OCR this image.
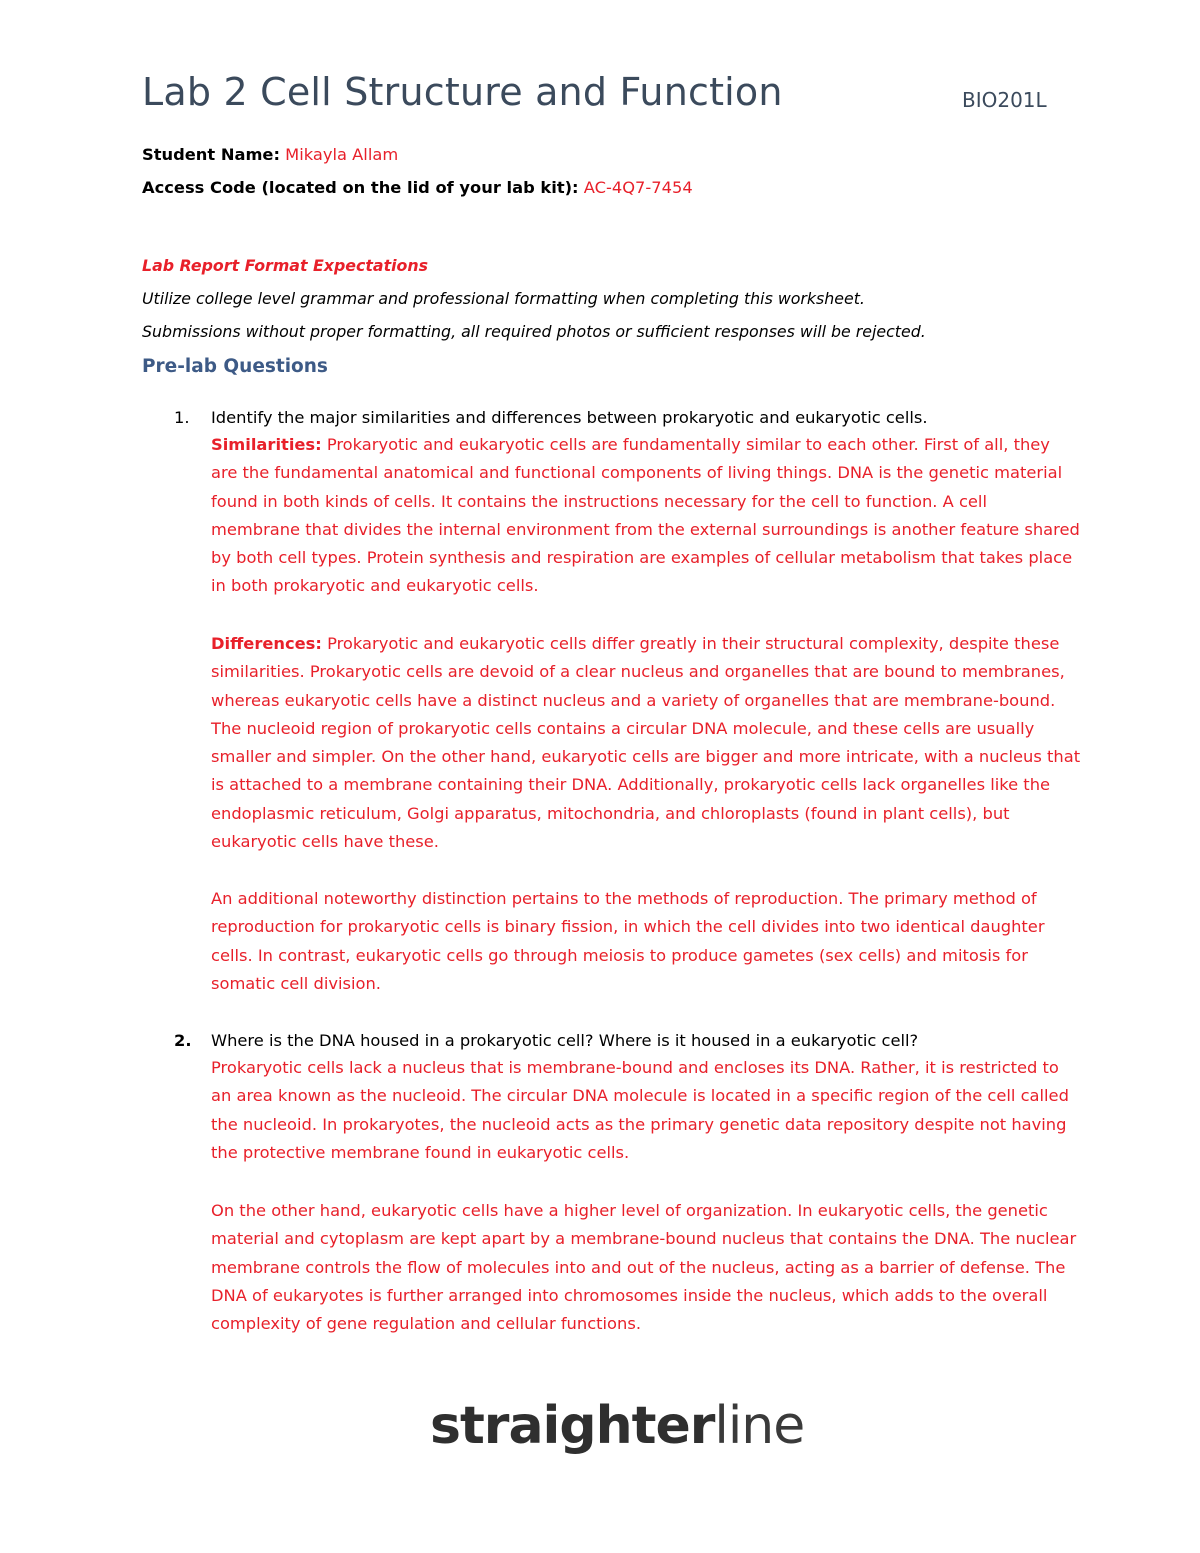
Lab 2 Cell Structure and Function	BIO201L
Student Name: Mikayla Allam
Access Code (located on the lid of your lab kit): AC-4Q7-7454
Lab Report Format Expectations
Utilize college level grammar and professional formatting when completing this worksheet.
Submissions without proper formatting, all required photos or sufficient responses will be rejected.
Pre-lab Questions
1. Identify the major similarities and differences between prokaryotic and eukaryotic cells.

Similarities: Prokaryotic and eukaryotic cells are fundamentally similar to each other. First of all, they are the fundamental anatomical and functional components of living things. DNA is the genetic material found in both kinds of cells. It contains the instructions necessary for the cell to function. A cell membrane that divides the internal environment from the external surroundings is another feature shared by both cell types. Protein synthesis and respiration are examples of cellular metabolism that takes place in both prokaryotic and eukaryotic cells.

Differences: Prokaryotic and eukaryotic cells differ greatly in their structural complexity, despite these similarities. Prokaryotic cells are devoid of a clear nucleus and organelles that are bound to membranes, whereas eukaryotic cells have a distinct nucleus and a variety of organelles that are membrane-bound. The nucleoid region of prokaryotic cells contains a circular DNA molecule, and these cells are usually smaller and simpler. On the other hand, eukaryotic cells are bigger and more intricate, with a nucleus that is attached to a membrane containing their DNA. Additionally, prokaryotic cells lack organelles like the endoplasmic reticulum, Golgi apparatus, mitochondria, and chloroplasts (found in plant cells), but eukaryotic cells have these.

An additional noteworthy distinction pertains to the methods of reproduction. The primary method of reproduction for prokaryotic cells is binary fission, in which the cell divides into two identical daughter cells. In contrast, eukaryotic cells go through meiosis to produce gametes (sex cells) and mitosis for somatic cell division.

2. Where is the DNA housed in a prokaryotic cell? Where is it housed in a eukaryotic cell?

Prokaryotic cells lack a nucleus that is membrane-bound and encloses its DNA. Rather, it is restricted to an area known as the nucleoid. The circular DNA molecule is located in a specific region of the cell called the nucleoid. In prokaryotes, the nucleoid acts as the primary genetic data repository despite not having the protective membrane found in eukaryotic cells.

On the other hand, eukaryotic cells have a higher level of organization. In eukaryotic cells, the genetic material and cytoplasm are kept apart by a membrane-bound nucleus that contains the DNA. The nuclear membrane controls the flow of molecules into and out of the nucleus, acting as a barrier of defense. The DNA of eukaryotes is further arranged into chromosomes inside the nucleus, which adds to the overall complexity of gene regulation and cellular functions.

straighterline
